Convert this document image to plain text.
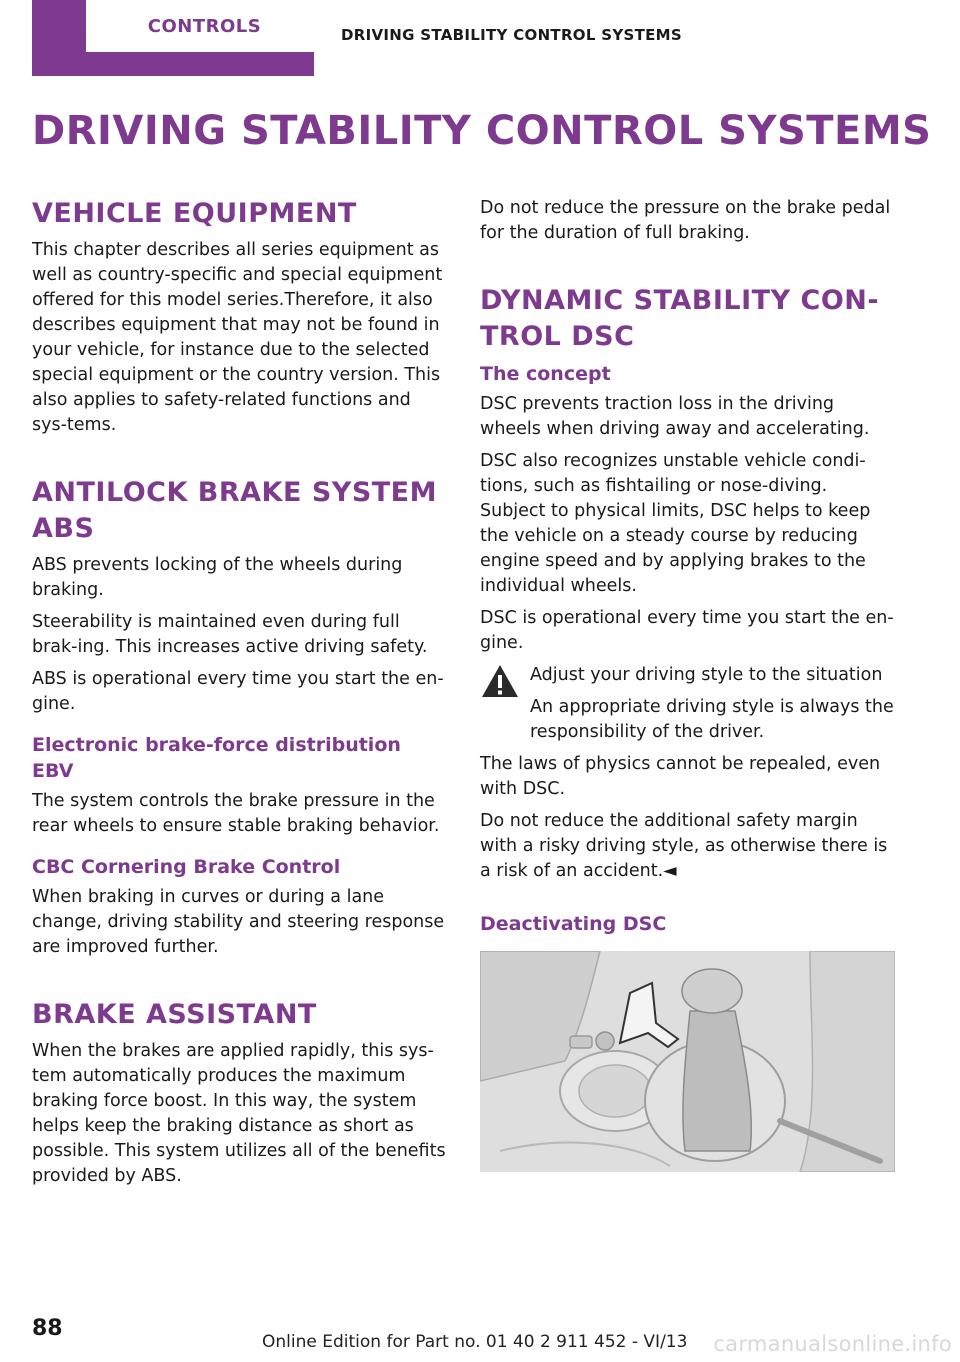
CONTROLS	DRIVING STABILITY CONTROL SYSTEMS
DRIVING STABILITY CONTROL SYSTEMS
VEHICLE EQUIPMENT

This chapter describes all series equipment as well as country-specific and special equipment offered for this model series.Therefore, it also describes equipment that may not be found in your vehicle, for instance due to the selected special equipment or the country version. This also applies to safety-related functions and sys-tems.

ANTILOCK BRAKE SYSTEM ABS

ABS prevents locking of the wheels during braking.

Steerability is maintained even during full brak-ing. This increases active driving safety.

ABS is operational every time you start the en-gine.

Electronic brake-force distribution EBV

The system controls the brake pressure in the rear wheels to ensure stable braking behavior.

CBC Cornering Brake Control

When braking in curves or during a lane change, driving stability and steering response are improved further.

BRAKE ASSISTANT

When the brakes are applied rapidly, this sys-tem automatically produces the maximum braking force boost. In this way, the system helps keep the braking distance as short as possible. This system utilizes all of the benefits provided by ABS.

Do not reduce the pressure on the brake pedal for the duration of full braking.

DYNAMIC STABILITY CON-TROL DSC
The concept

DSC prevents traction loss in the driving wheels when driving away and accelerating.

DSC also recognizes unstable vehicle condi-tions, such as fishtailing or nose-diving. Subject to physical limits, DSC helps to keep the vehicle on a steady course by reducing engine speed and by applying brakes to the individual wheels.

DSC is operational every time you start the en-gine.

Adjust your driving style to the situation

An appropriate driving style is always the responsibility of the driver.

The laws of physics cannot be repealed, even with DSC.

Do not reduce the additional safety margin with a risky driving style, as otherwise there is a risk of an accident.◄

Deactivating DSC
88
Online Edition for Part no. 01 40 2 911 452 - VI/13 carmanualsonline.info
